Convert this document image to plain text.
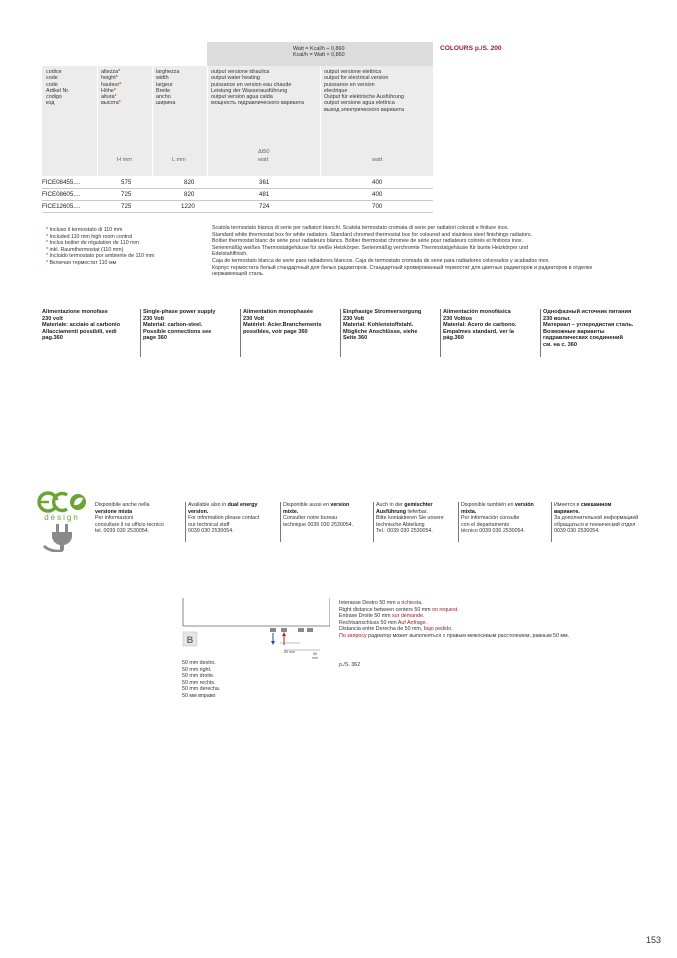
COLOURS p./S. 200
Watt = Kcal/h ÷ 0,860
Kcal/h = Watt × 0,860
codice
code
code
Artikel Nr.
codigo
код
altezza*
height*
hauteur*
Höhe*
altura*
высота*
larghezza
width
largeur
Breite
ancho
ширина
output versione idraulica
output water heating
puissance en version eau chaude
Leistung der Wasserausführung
output version agua calda
мощность гидравлического варианта
output versione elettrica
output for electrical version
puissance en version
electrique
Output für elektrische Ausführung
output versione agua elettrica
выход электрического варианта
H mm	L mm
Δt50
watt	watt
FICE08455....	575	820	361	400
FICE08605....	725	820	481	400
FICE12605....	725	1220	724	700
* Incluso il termostato di 110 mm
* Included 110 mm high room control
* Inclus boitier de régulation de 110 mm
* inkl. Raumthermostat (110 mm)
* Incluido termostato por ambiente de 110 mm
* Включая термостат 110 мм
Scatola termostato bianca di serie per radiatori bianchi. Scatola termostato cromata di serie per radiatori colorati e finiture inox.
Standard white thermostat box for white radiators. Standard chromed thermostat box for coloured and stainless steel finishings radiators.
Boîtier thermostat blanc de série pour radiateurs blancs. Boîtier thermostat chromée de série pour radiateurs colorés et finitions inox.
Serienmäßig weißes Thermostatgehäuse für weiße Heizkörper. Serienmäßig verchromte Thermostatgehäuse für bunte Heizkörper und
Edelstahlfinish.
Caja de termostato blanca de serie para radiadores blancos. Caja de termostato cromada de serie para radiadores coloreados y acabados inox.
Корпус термостата белый стандартный для белых радиаторов. Стандартный хромированный термостат для цветных радиаторов и радиаторов в отделке
нержавеющей сталь.
Alimentazione monofase
230 volt
Materiale: acciaio al carbonio
Allacciamenti possibili, vedi
pag.360
Single-phase power supply
230 Volt
Material: carbon-steel.
Possible connections see
page 360
Alimentation monophasée
230 Volt
Matériel: Acier.Branchements
possibles, voir page 360
Einphasige Stromversorgung
230 Volt
Material: Kohlenstoffstahl.
Mögliche Anschlüsse, siehe
Seite 360
Alimentación monofásica
230 Voltios
Material: Acero de carbono.
Empalmes standard, ver la
pág.360
Однофазный источник питания
230 вольт.
Материал – углеродистая сталь.
Возможные варианты
гидравлических соединений
см. на с. 360
design
Disponibile anche nella
versione mista
Per informazioni
consultare il ns ufficio tecnico
tel. 0039 030 2530054.
Available also in dual energy
version.
For information please contact
our technical staff
0039 030 2530054.
Disponible aussi en version
mixte.
Consulter notre bureau
technique 0039 030 2530054.
Auch in der gemischter
Ausführung lieferbar.
Bitte kontaktieren Sie unsere
technische Abteilung
Tel.: 0039 030 2530054.
Disponible también en versión
mixta.
Por información consulte
con el departamento
técnico 0039 030 2530054.
Имеется в смешанном
варианте.
За дополнительной информацией
обращаться в технический отдел
0039 030 2530054.
B
50 mm	55
mm
Interasse Destro 50 mm a richiesta.
Right distance between centers 50 mm on request.
Entraxe Droite 50 mm sur demande.
Rechtsanschluss 50 mm Auf Anfrage.
Distancia entre Derecha de 50 mm, bajo pedido.
По запросу радиатор может выполняться с правым межосевым расстоянием, равным 50 мм.
p./S. 362
50 mm destro.
50 mm right.
50 mm droite.
50 mm rechts.
50 mm derecha.
50 мм вправо
153
